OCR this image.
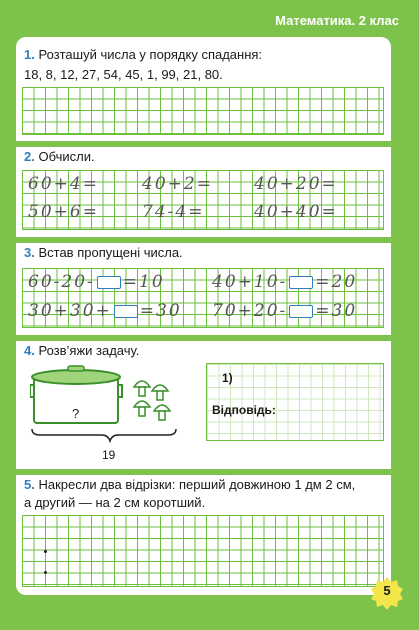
Математика. 2 клас
1. Розташуй числа у порядку спадання:
18, 8, 12, 27, 54, 45, 1, 99, 21, 80.
2. Обчисли.
60+4=	40+2= 40+20=
50+6=	74-4=	40+40=
3. Встав пропущені числа.
60-20- =10	40+10- =20
30+30+ =30 70+20- =30
4. Розв’яжи задачу.
?
19
1)
Відповідь:
5. Накресли два відрізки: перший довжиною 1 дм 2 см,
а другий — на 2 см коротший.
5
